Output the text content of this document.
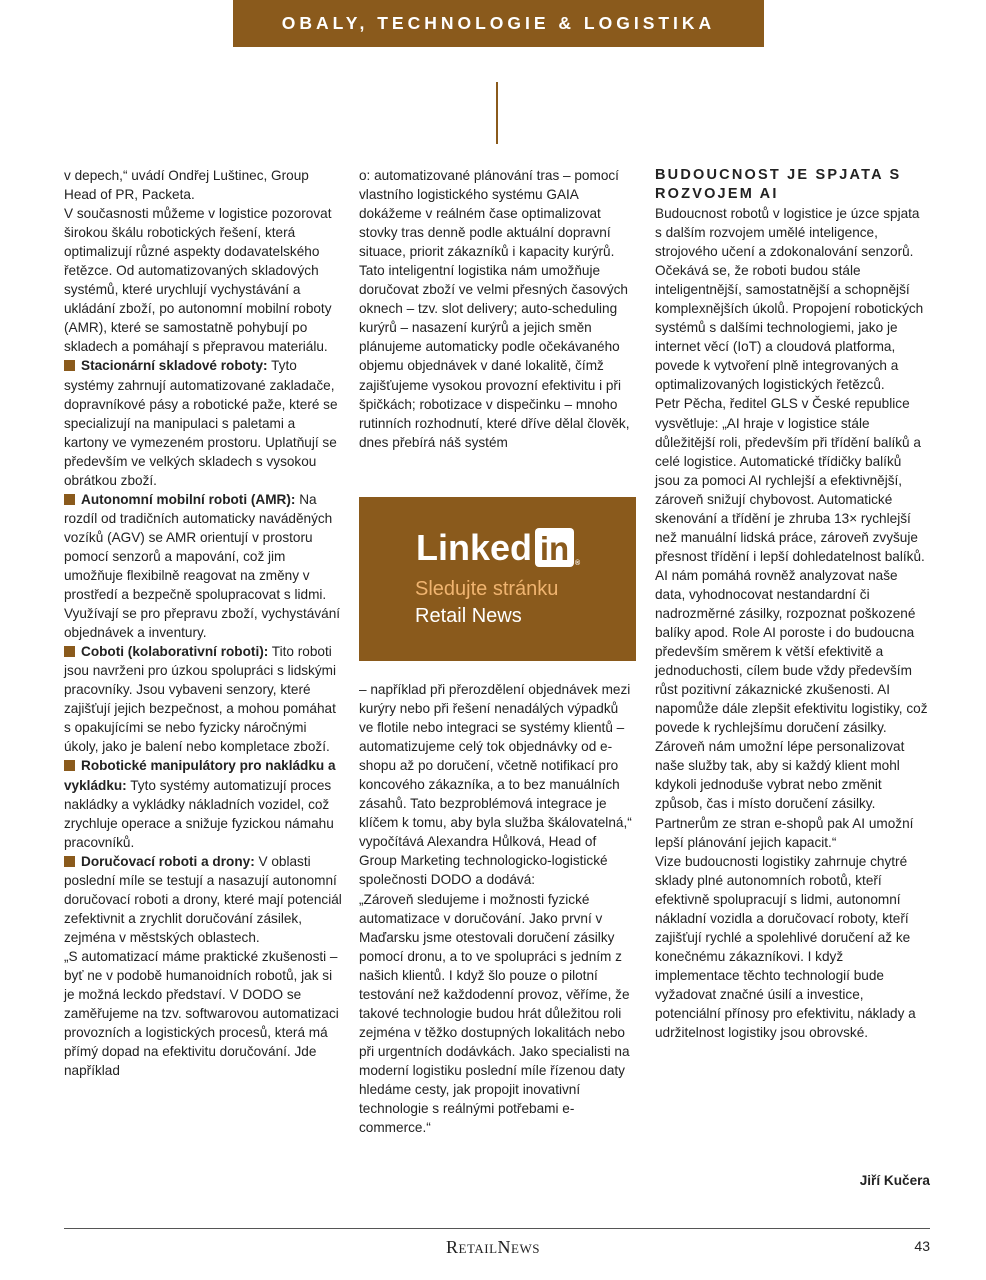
OBALY, TECHNOLOGIE & LOGISTIKA

v depech,“ uvádí Ondřej Luštinec, Group Head of PR, Packeta.

V současnosti můžeme v logistice pozorovat širokou škálu robotických řešení, která optimalizují různé aspekty dodavatelského řetězce. Od automatizovaných skladových systémů, které urychlují vychystávání a ukládání zboží, po autonomní mobilní roboty (AMR), které se samostatně pohybují po skladech a pomáhají s přepravou materiálu.

Stacionární skladové roboty: Tyto systémy zahrnují automatizované zakladače, dopravníkové pásy a robotické paže, které se specializují na manipulaci s paletami a kartony ve vymezeném prostoru. Uplatňují se především ve velkých skladech s vysokou obrátkou zboží.

Autonomní mobilní roboti (AMR): Na rozdíl od tradičních automaticky naváděných vozíků (AGV) se AMR orientují v prostoru pomocí senzorů a mapování, což jim umožňuje flexibilně reagovat na změny v prostředí a bezpečně spolupracovat s lidmi. Využívají se pro přepravu zboží, vychystávání objednávek a inventury.

Coboti (kolaborativní roboti): Tito roboti jsou navrženi pro úzkou spolupráci s lidskými pracovníky. Jsou vybaveni senzory, které zajišťují jejich bezpečnost, a mohou pomáhat s opakujícími se nebo fyzicky náročnými úkoly, jako je balení nebo kompletace zboží.

Robotické manipulátory pro nakládku a vykládku: Tyto systémy automatizují proces nakládky a vykládky nákladních vozidel, což zrychluje operace a snižuje fyzickou námahu pracovníků.

Doručovací roboti a drony: V oblasti poslední míle se testují a nasazují autonomní doručovací roboti a drony, které mají potenciál zefektivnit a zrychlit doručování zásilek, zejména v městských oblastech.

„S automatizací máme praktické zkušenosti – byť ne v podobě humanoidních robotů, jak si je možná leckdo představí. V DODO se zaměřujeme na tzv. softwarovou automatizaci provozních a logistických procesů, která má přímý dopad na efektivitu doručování. Jde například

o: automatizované plánování tras – pomocí vlastního logistického systému GAIA dokážeme v reálném čase optimalizovat stovky tras denně podle aktuální dopravní situace, priorit zákazníků i kapacity kurýrů. Tato inteligentní logistika nám umožňuje doručovat zboží ve velmi přesných časových oknech – tzv. slot delivery; auto-scheduling kurýrů – nasazení kurýrů a jejich směn plánujeme automaticky podle očekávaného objemu objednávek v dané lokalitě, čímž zajišťujeme vysokou provozní efektivitu i při špičkách; robotizace v dispečinku – mnoho rutinních rozhodnutí, které dříve dělal člověk, dnes přebírá náš systém

Linked in ®
Sledujte stránku
Retail News

– například při přerozdělení objednávek mezi kurýry nebo při řešení nenadálých výpadků ve flotile nebo integraci se systémy klientů – automatizujeme celý tok objednávky od e-shopu až po doručení, včetně notifikací pro koncového zákazníka, a to bez manuálních zásahů. Tato bezproblémová integrace je klíčem k tomu, aby byla služba škálovatelná,“ vypočítává Alexandra Hůlková, Head of Group Marketing technologicko-logistické společnosti DODO a dodává:

„Zároveň sledujeme i možnosti fyzické automatizace v doručování. Jako první v Maďarsku jsme otestovali doručení zásilky pomocí dronu, a to ve spolupráci s jedním z našich klientů. I když šlo pouze o pilotní testování než každodenní provoz, věříme, že takové technologie budou hrát důležitou roli zejména v těžko dostupných lokalitách nebo při urgentních dodávkách. Jako specialisti na moderní logistiku poslední míle řízenou daty hledáme cesty, jak propojit inovativní technologie s reálnými potřebami e-commerce.“

BUDOUCNOST JE SPJATA S ROZVOJEM AI

Budoucnost robotů v logistice je úzce spjata s dalším rozvojem umělé inteligence, strojového učení a zdokonalování senzorů.

Očekává se, že roboti budou stále inteligentnější, samostatnější a schopnější komplexnějších úkolů. Propojení robotických systémů s dalšími technologiemi, jako je internet věcí (IoT) a cloudová platforma, povede k vytvoření plně integrovaných a optimalizovaných logistických řetězců.

Petr Pěcha, ředitel GLS v České republice vysvětluje: „AI hraje v logistice stále důležitější roli, především při třídění balíků a celé logistice. Automatické třídičky balíků jsou za pomoci AI rychlejší a efektivnější, zároveň snižují chybovost. Automatické skenování a třídění je zhruba 13× rychlejší než manuální lidská práce, zároveň zvyšuje přesnost třídění i lepší dohledatelnost balíků. AI nám pomáhá rovněž analyzovat naše data, vyhodnocovat nestandardní či nadrozměrné zásilky, rozpoznat poškozené balíky apod. Role AI poroste i do budoucna především směrem k větší efektivitě a jednoduchosti, cílem bude vždy především růst pozitivní zákaznické zkušenosti. AI napomůže dále zlepšit efektivitu logistiky, což povede k rychlejšímu doručení zásilky. Zároveň nám umožní lépe personalizovat naše služby tak, aby si každý klient mohl kdykoli jednoduše vybrat nebo změnit způsob, čas i místo doručení zásilky. Partnerům ze stran e-shopů pak AI umožní lepší plánování jejich kapacit.“

Vize budoucnosti logistiky zahrnuje chytré sklady plné autonomních robotů, kteří efektivně spolupracují s lidmi, autonomní nákladní vozidla a doručovací roboty, kteří zajišťují rychlé a spolehlivé doručení až ke konečnému zákazníkovi. I když implementace těchto technologií bude vyžadovat značné úsilí a investice, potenciální přínosy pro efektivitu, náklady a udržitelnost logistiky jsou obrovské.

Jiří Kučera
RETAILNEWS	43
